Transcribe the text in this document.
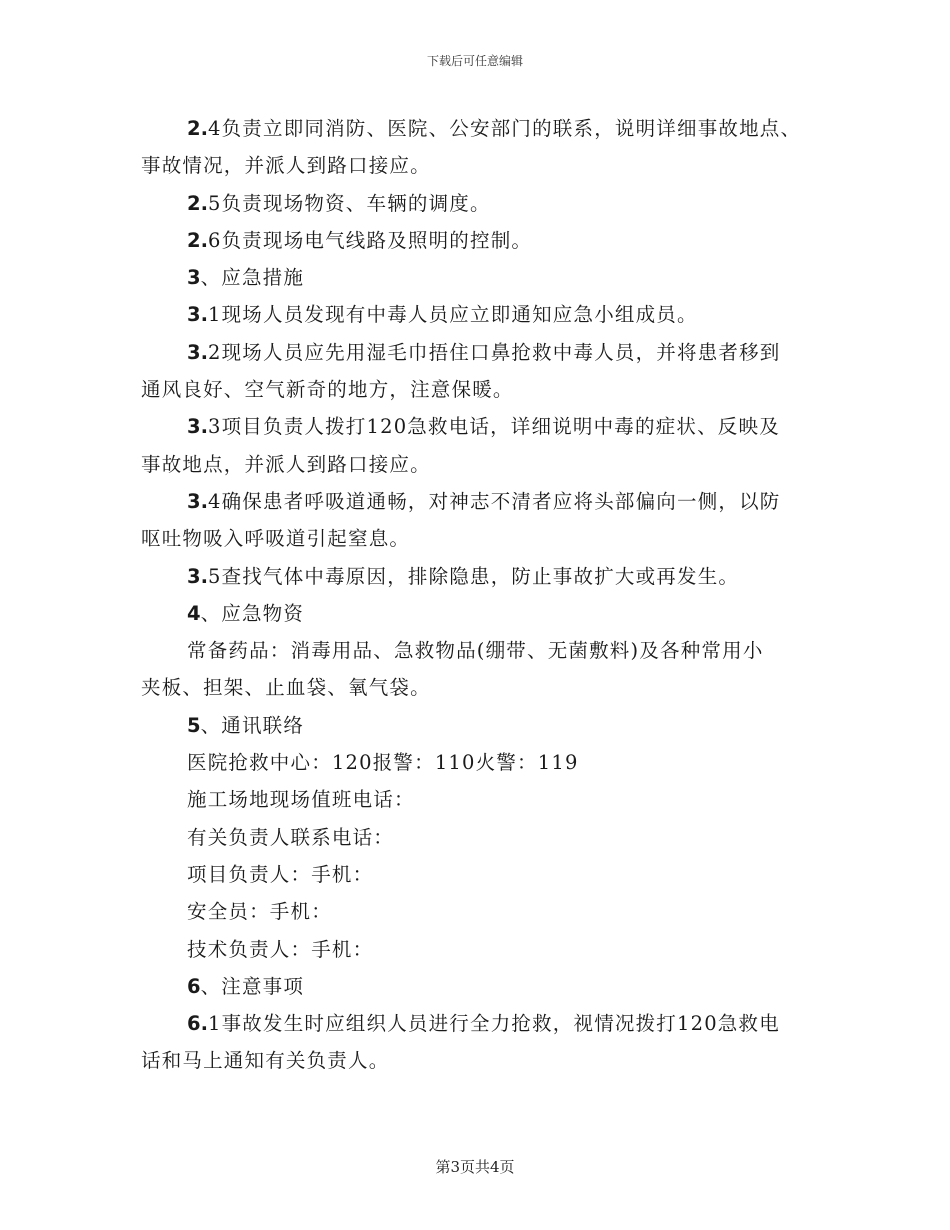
下载后可任意编辑
2.4负责立即同消防、医院、公安部门的联系，说明详细事故地点、
事故情况，并派人到路口接应。
2.5负责现场物资、车辆的调度。
2.6负责现场电气线路及照明的控制。
3、应急措施
3.1现场人员发现有中毒人员应立即通知应急小组成员。
3.2现场人员应先用湿毛巾捂住口鼻抢救中毒人员，并将患者移到
通风良好、空气新奇的地方，注意保暖。
3.3项目负责人拨打120急救电话，详细说明中毒的症状、反映及
事故地点，并派人到路口接应。
3.4确保患者呼吸道通畅，对神志不清者应将头部偏向一侧，以防
呕吐物吸入呼吸道引起窒息。
3.5查找气体中毒原因，排除隐患，防止事故扩大或再发生。
4、应急物资
常备药品：消毒用品、急救物品(绷带、无菌敷料)及各种常用小
夹板、担架、止血袋、氧气袋。
5、通讯联络
医院抢救中心：120报警：110火警：119
施工场地现场值班电话：
有关负责人联系电话：
项目负责人：手机：
安全员：手机：
技术负责人：手机：
6、注意事项
6.1事故发生时应组织人员进行全力抢救，视情况拨打120急救电
话和马上通知有关负责人。
第3页共4页
